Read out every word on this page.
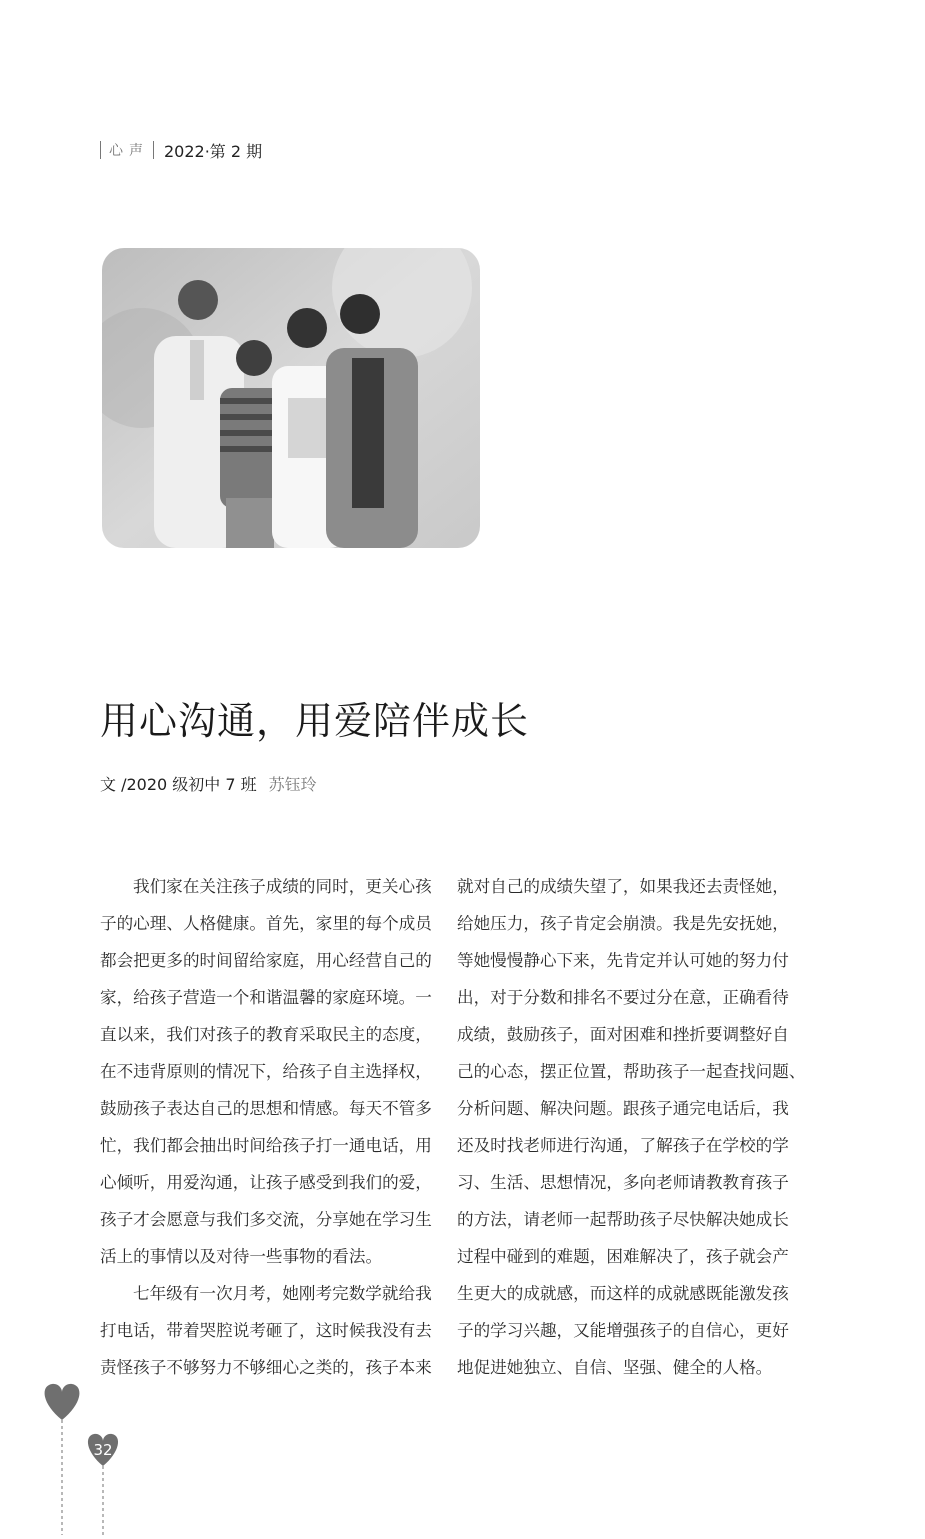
心声 2022·第 2 期
用心沟通，用爱陪伴成长
文 /2020 级初中 7 班 苏钰玲
我们家在关注孩子成绩的同时，更关心孩
子的心理、人格健康。首先，家里的每个成员
都会把更多的时间留给家庭，用心经营自己的
家，给孩子营造一个和谐温馨的家庭环境。一
直以来，我们对孩子的教育采取民主的态度，
在不违背原则的情况下，给孩子自主选择权，
鼓励孩子表达自己的思想和情感。每天不管多
忙，我们都会抽出时间给孩子打一通电话，用
心倾听，用爱沟通，让孩子感受到我们的爱，
孩子才会愿意与我们多交流，分享她在学习生
活上的事情以及对待一些事物的看法。
七年级有一次月考，她刚考完数学就给我
打电话，带着哭腔说考砸了，这时候我没有去
责怪孩子不够努力不够细心之类的，孩子本来
就对自己的成绩失望了，如果我还去责怪她，
给她压力，孩子肯定会崩溃。我是先安抚她，
等她慢慢静心下来，先肯定并认可她的努力付
出，对于分数和排名不要过分在意，正确看待
成绩，鼓励孩子，面对困难和挫折要调整好自
己的心态，摆正位置，帮助孩子一起查找问题、
分析问题、解决问题。跟孩子通完电话后，我
还及时找老师进行沟通，了解孩子在学校的学
习、生活、思想情况，多向老师请教教育孩子
的方法，请老师一起帮助孩子尽快解决她成长
过程中碰到的难题，困难解决了，孩子就会产
生更大的成就感，而这样的成就感既能激发孩
子的学习兴趣，又能增强孩子的自信心，更好
地促进她独立、自信、坚强、健全的人格。
32
